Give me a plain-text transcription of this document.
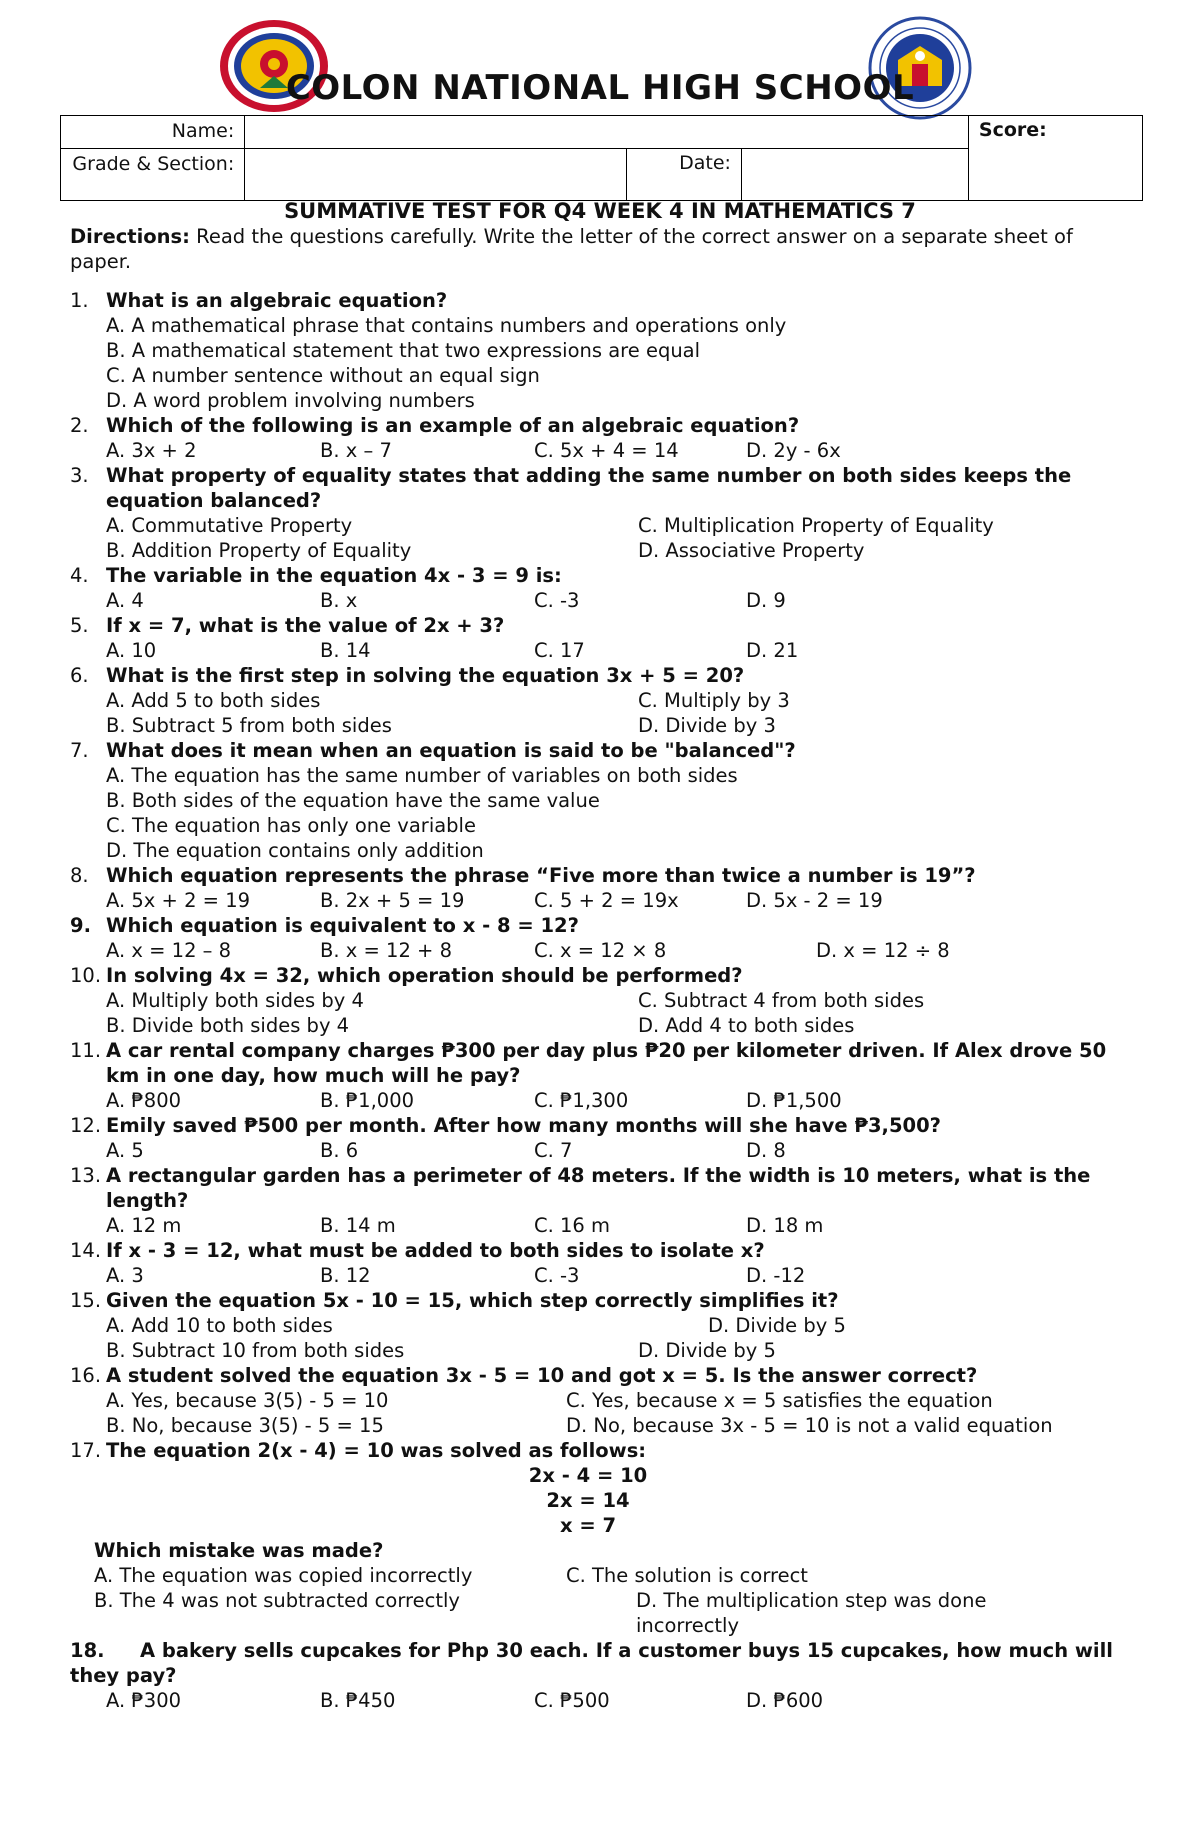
COLON NATIONAL HIGH SCHOOL
Name:				Score:
Grade & Section:		Date:		
SUMMATIVE TEST FOR Q4 WEEK 4 IN MATHEMATICS 7
Directions: Read the questions carefully. Write the letter of the correct answer on a separate sheet of paper.
1. What is an algebraic equation?
A. A mathematical phrase that contains numbers and operations only
B. A mathematical statement that two expressions are equal
C. A number sentence without an equal sign
D. A word problem involving numbers
2. Which of the following is an example of an algebraic equation?
A. 3x + 2	B. x – 7	C. 5x + 4 = 14	D. 2y - 6x
3. What property of equality states that adding the same number on both sides keeps the equation balanced?
A. Commutative Property	C. Multiplication Property of Equality
B. Addition Property of Equality	D. Associative Property
4. The variable in the equation 4x - 3 = 9 is:
A. 4	B. x	C. -3	D. 9
5. If x = 7, what is the value of 2x + 3?
A. 10	B. 14	C. 17	D. 21
6. What is the first step in solving the equation 3x + 5 = 20?
A. Add 5 to both sides	C. Multiply by 3
B. Subtract 5 from both sides	D. Divide by 3
7. What does it mean when an equation is said to be "balanced"?
A. The equation has the same number of variables on both sides
B. Both sides of the equation have the same value
C. The equation has only one variable
D. The equation contains only addition
8. Which equation represents the phrase “Five more than twice a number is 19”?
A. 5x + 2 = 19	B. 2x + 5 = 19	C. 5 + 2 = 19x	D. 5x - 2 = 19
9. Which equation is equivalent to x - 8 = 12?
A. x = 12 – 8	B. x = 12 + 8	C. x = 12 × 8	D. x = 12 ÷ 8
10. In solving 4x = 32, which operation should be performed?
A. Multiply both sides by 4	C. Subtract 4 from both sides
B. Divide both sides by 4	D. Add 4 to both sides
11. A car rental company charges ₱300 per day plus ₱20 per kilometer driven. If Alex drove 50 km in one day, how much will he pay?
A. ₱800	B. ₱1,000	C. ₱1,300	D. ₱1,500
12. Emily saved ₱500 per month. After how many months will she have ₱3,500?
A. 5	B. 6	C. 7	D. 8
13. A rectangular garden has a perimeter of 48 meters. If the width is 10 meters, what is the length?
A. 12 m	B. 14 m	C. 16 m	D. 18 m
14. If x - 3 = 12, what must be added to both sides to isolate x?
A. 3	B. 12	C. -3	D. -12
15. Given the equation 5x - 10 = 15, which step correctly simplifies it?
A. Add 10 to both sides	D. Divide by 5
B. Subtract 10 from both sides	D. Divide by 5
16. A student solved the equation 3x - 5 = 10 and got x = 5. Is the answer correct?
A. Yes, because 3(5) - 5 = 10	C. Yes, because x = 5 satisfies the equation
B. No, because 3(5) - 5 = 15	D. No, because 3x - 5 = 10 is not a valid equation
17. The equation 2(x - 4) = 10 was solved as follows:
2x - 4 = 10
2x = 14
x = 7
Which mistake was made?
A. The equation was copied incorrectly	C. The solution is correct
B. The 4 was not subtracted correctly	D. The multiplication step was done incorrectly
18. A bakery sells cupcakes for Php 30 each. If a customer buys 15 cupcakes, how much will they pay?
A. ₱300	B. ₱450	C. ₱500	D. ₱600
